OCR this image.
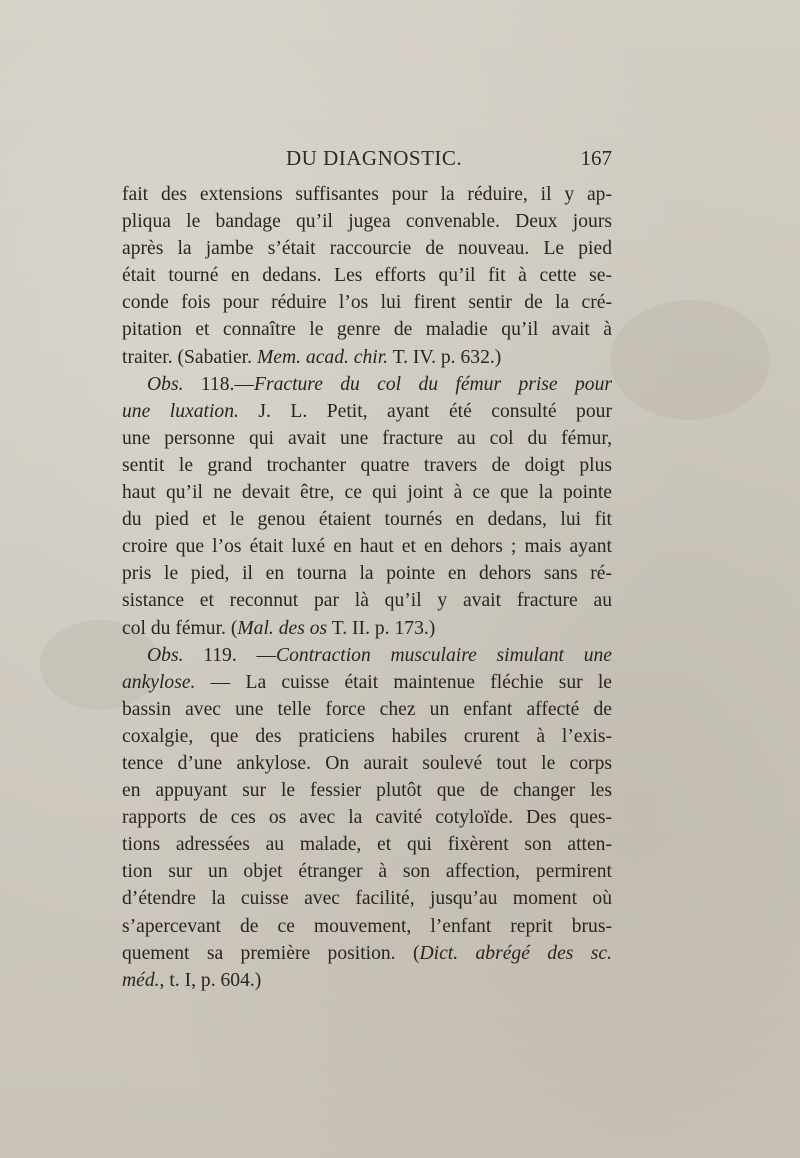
DU DIAGNOSTIC.	167
fait des extensions suffisantes pour la réduire, il y ap-
pliqua le bandage qu’il jugea convenable. Deux jours
après la jambe s’était raccourcie de nouveau. Le pied
était tourné en dedans. Les efforts qu’il fit à cette se-
conde fois pour réduire l’os lui firent sentir de la cré-
pitation et connaître le genre de maladie qu’il avait à
traiter. (Sabatier. Mem. acad. chir. T. IV. p. 632.)
Obs. 118.—Fracture du col du fémur prise pour
une luxation. J. L. Petit, ayant été consulté pour
une personne qui avait une fracture au col du fémur,
sentit le grand trochanter quatre travers de doigt plus
haut qu’il ne devait être, ce qui joint à ce que la pointe
du pied et le genou étaient tournés en dedans, lui fit
croire que l’os était luxé en haut et en dehors ; mais ayant
pris le pied, il en tourna la pointe en dehors sans ré-
sistance et reconnut par là qu’il y avait fracture au
col du fémur. (Mal. des os T. II. p. 173.)
Obs. 119. —Contraction musculaire simulant une
ankylose. — La cuisse était maintenue fléchie sur le
bassin avec une telle force chez un enfant affecté de
coxalgie, que des praticiens habiles crurent à l’exis-
tence d’une ankylose. On aurait soulevé tout le corps
en appuyant sur le fessier plutôt que de changer les
rapports de ces os avec la cavité cotyloïde. Des ques-
tions adressées au malade, et qui fixèrent son atten-
tion sur un objet étranger à son affection, permirent
d’étendre la cuisse avec facilité, jusqu’au moment où
s’apercevant de ce mouvement, l’enfant reprit brus-
quement sa première position. (Dict. abrégé des sc.
méd., t. I, p. 604.)
